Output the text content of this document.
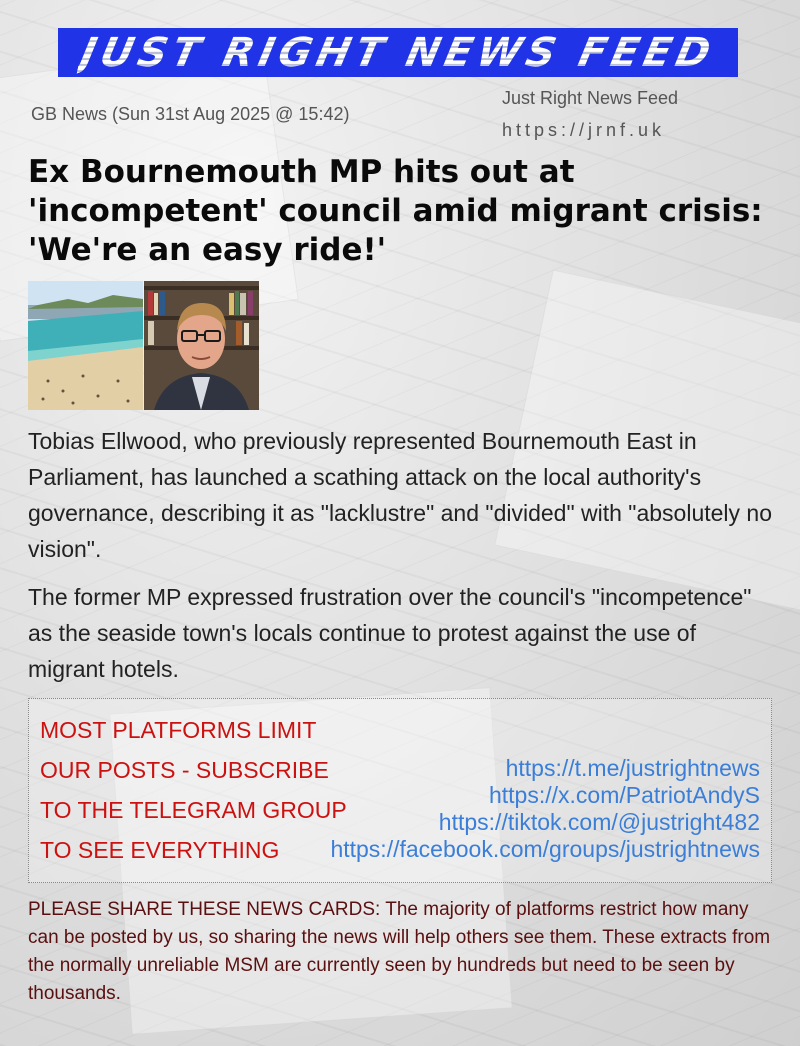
JUST RIGHT NEWS FEED
GB News (Sun 31st Aug 2025 @ 15:42)
Just Right News Feed
https://jrnf.uk
Ex Bournemouth MP hits out at 'incompetent' council amid migrant crisis: 'We're an easy ride!'

Tobias Ellwood, who previously represented Bournemouth East in Parliament, has launched a scathing attack on the local authority's governance, describing it as "lacklustre" and "divided" with "absolutely no vision".

The former MP expressed frustration over the council's "incompetence" as the seaside town's locals continue to protest against the use of migrant hotels.

MOST PLATFORMS LIMIT
OUR POSTS - SUBSCRIBE
TO THE TELEGRAM GROUP
TO SEE EVERYTHING
https://t.me/justrightnews
https://x.com/PatriotAndyS
https://tiktok.com/@justright482
https://facebook.com/groups/justrightnews

PLEASE SHARE THESE NEWS CARDS: The majority of platforms restrict how many can be posted by us, so sharing the news will help others see them. These extracts from the normally unreliable MSM are currently seen by hundreds but need to be seen by thousands.
